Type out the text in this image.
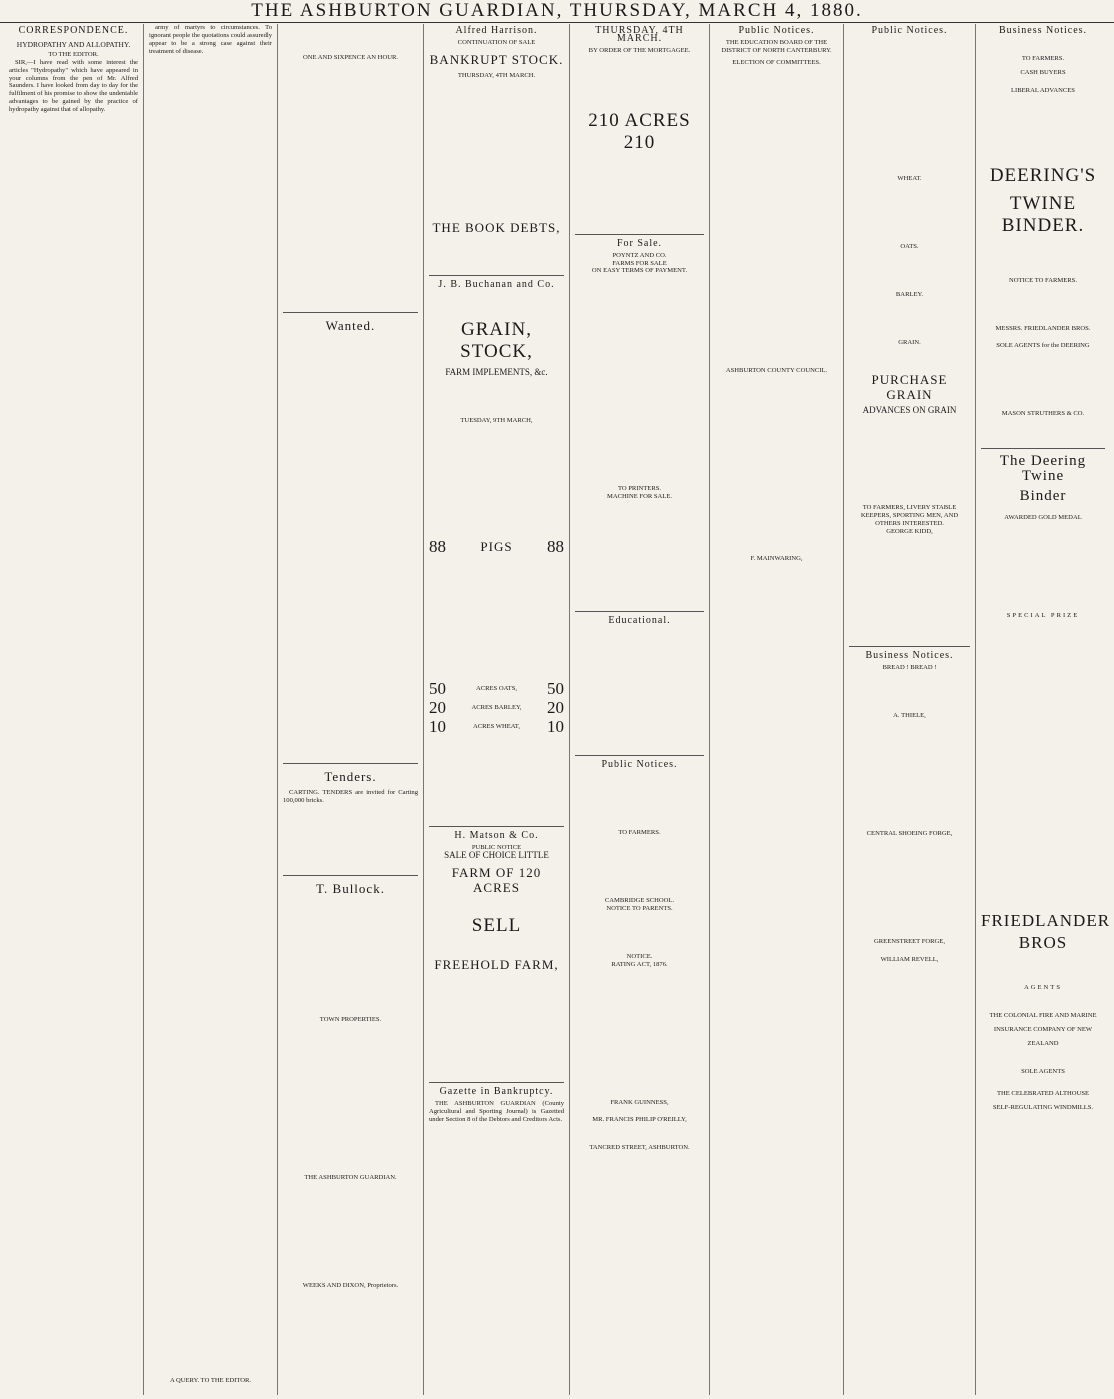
THE ASHBURTON GUARDIAN, THURSDAY, MARCH 4, 1880.
CORRESPONDENCE.
HYDROPATHY AND ALLOPATHY.
TO THE EDITOR.

SIR,—I have read with some interest the articles "Hydropathy" which have appeared in your columns from the pen of Mr. Alfred Saunders. I have looked from day to day for the fulfilment of his promise to show the undeniable advantages to be gained by the practice of hydropathy against that of allopathy.

army of martyrs to circumstances. To ignorant people the quotations could assuredly appear to be a strong case against their treatment of disease.

A QUERY. TO THE EDITOR.
ONE AND SIXPENCE AN HOUR.
Wanted.
Tenders.

CARTING. TENDERS are invited for Carting 100,000 bricks.

T. Bullock.
TOWN PROPERTIES.
THE ASHBURTON GUARDIAN.
WEEKS AND DIXON, Proprietors.
Alfred Harrison.
CONTINUATION OF SALE
BANKRUPT STOCK.
THURSDAY, 4TH MARCH.
THE BOOK DEBTS,
J. B. Buchanan and Co.
GRAIN, STOCK,
FARM IMPLEMENTS, &c.
TUESDAY, 9TH MARCH,
88	PIGS 88
50	ACRES OATS, 50
20	ACRES BARLEY, 20
10	ACRES WHEAT, 10
H. Matson & Co.
PUBLIC NOTICE
SALE OF CHOICE LITTLE
FARM OF 120 ACRES
SELL
FREEHOLD FARM,
Gazette in Bankruptcy.

THE ASHBURTON GUARDIAN (County Agricultural and Sporting Journal) is Gazetted under Section 8 of the Debtors and Creditors Acts.

THURSDAY, 4TH MARCH.
BY ORDER OF THE MORTGAGEE.
210 ACRES 210
For Sale.
POYNTZ AND CO.
FARMS FOR SALE
ON EASY TERMS OF PAYMENT.
TO PRINTERS.
MACHINE FOR SALE.
Educational.
Public Notices.
TO FARMERS.
CAMBRIDGE SCHOOL.
NOTICE TO PARENTS.
NOTICE.
RATING ACT, 1876.
FRANK GUINNESS,
MR. FRANCIS PHILIP O'REILLY,
TANCRED STREET, ASHBURTON.
Public Notices.
THE EDUCATION BOARD OF THE DISTRICT OF NORTH CANTERBURY.
ELECTION OF COMMITTEES.
ASHBURTON COUNTY COUNCIL.
F. MAINWARING,
Public Notices.
WHEAT.
OATS.
BARLEY.
GRAIN.
PURCHASE GRAIN
ADVANCES ON GRAIN
TO FARMERS, LIVERY STABLE KEEPERS, SPORTING MEN, AND OTHERS INTERESTED.
GEORGE KIDD,
Business Notices.
BREAD ! BREAD !
A. THIELE,
CENTRAL SHOEING FORGE,
GREENSTREET FORGE,
WILLIAM REVELL,
Business Notices.
TO FARMERS.
CASH BUYERS
LIBERAL ADVANCES
DEERING'S
TWINE BINDER.
NOTICE TO FARMERS.
MESSRS. FRIEDLANDER BROS.
SOLE AGENTS for the DEERING
MASON STRUTHERS & CO.
The Deering Twine
Binder
AWARDED GOLD MEDAL
SPECIAL PRIZE
FRIEDLANDER BROS
AGENTS
THE COLONIAL FIRE AND MARINE
INSURANCE COMPANY OF NEW
ZEALAND
SOLE AGENTS
THE CELEBRATED ALTHOUSE
SELF-REGULATING WINDMILLS.
